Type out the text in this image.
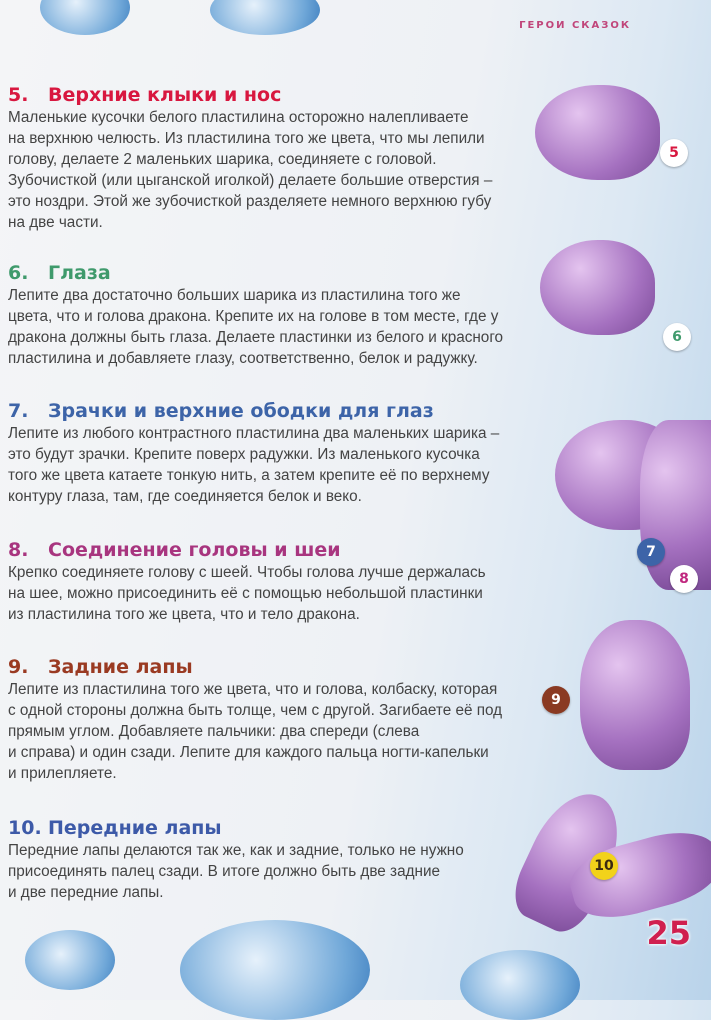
ГЕРОИ СКАЗОК
5
6
7
8
9
10
5. Верхние клыки и нос
Маленькие кусочки белого пластилина осторожно налепливаете
на верхнюю челюсть. Из пластилина того же цвета, что мы лепили
голову, делаете 2 маленьких шарика, соединяете с головой.
Зубочисткой (или цыганской иголкой) делаете большие отверстия –
это ноздри. Этой же зубочисткой разделяете немного верхнюю губу
на две части.
6. Глаза
Лепите два достаточно больших шарика из пластилина того же
цвета, что и голова дракона. Крепите их на голове в том месте, где у
дракона должны быть глаза. Делаете пластинки из белого и красного
пластилина и добавляете глазу, соответственно, белок и радужку.
7. Зрачки и верхние ободки для глаз
Лепите из любого контрастного пластилина два маленьких шарика –
это будут зрачки. Крепите поверх радужки. Из маленького кусочка
того же цвета катаете тонкую нить, а затем крепите её по верхнему
контуру глаза, там, где соединяется белок и веко.
8. Соединение головы и шеи
Крепко соединяете голову с шеей. Чтобы голова лучше держалась
на шее, можно присоединить её с помощью небольшой пластинки
из пластилина того же цвета, что и тело дракона.
9. Задние лапы
Лепите из пластилина того же цвета, что и голова, колбаску, которая
с одной стороны должна быть толще, чем с другой. Загибаете её под
прямым углом. Добавляете пальчики: два спереди (слева
и справа) и один сзади. Лепите для каждого пальца ногти-капельки
и прилепляете.
10. Передние лапы
Передние лапы делаются так же, как и задние, только не нужно
присоединять палец сзади. В итоге должно быть две задние
и две передние лапы.
25
